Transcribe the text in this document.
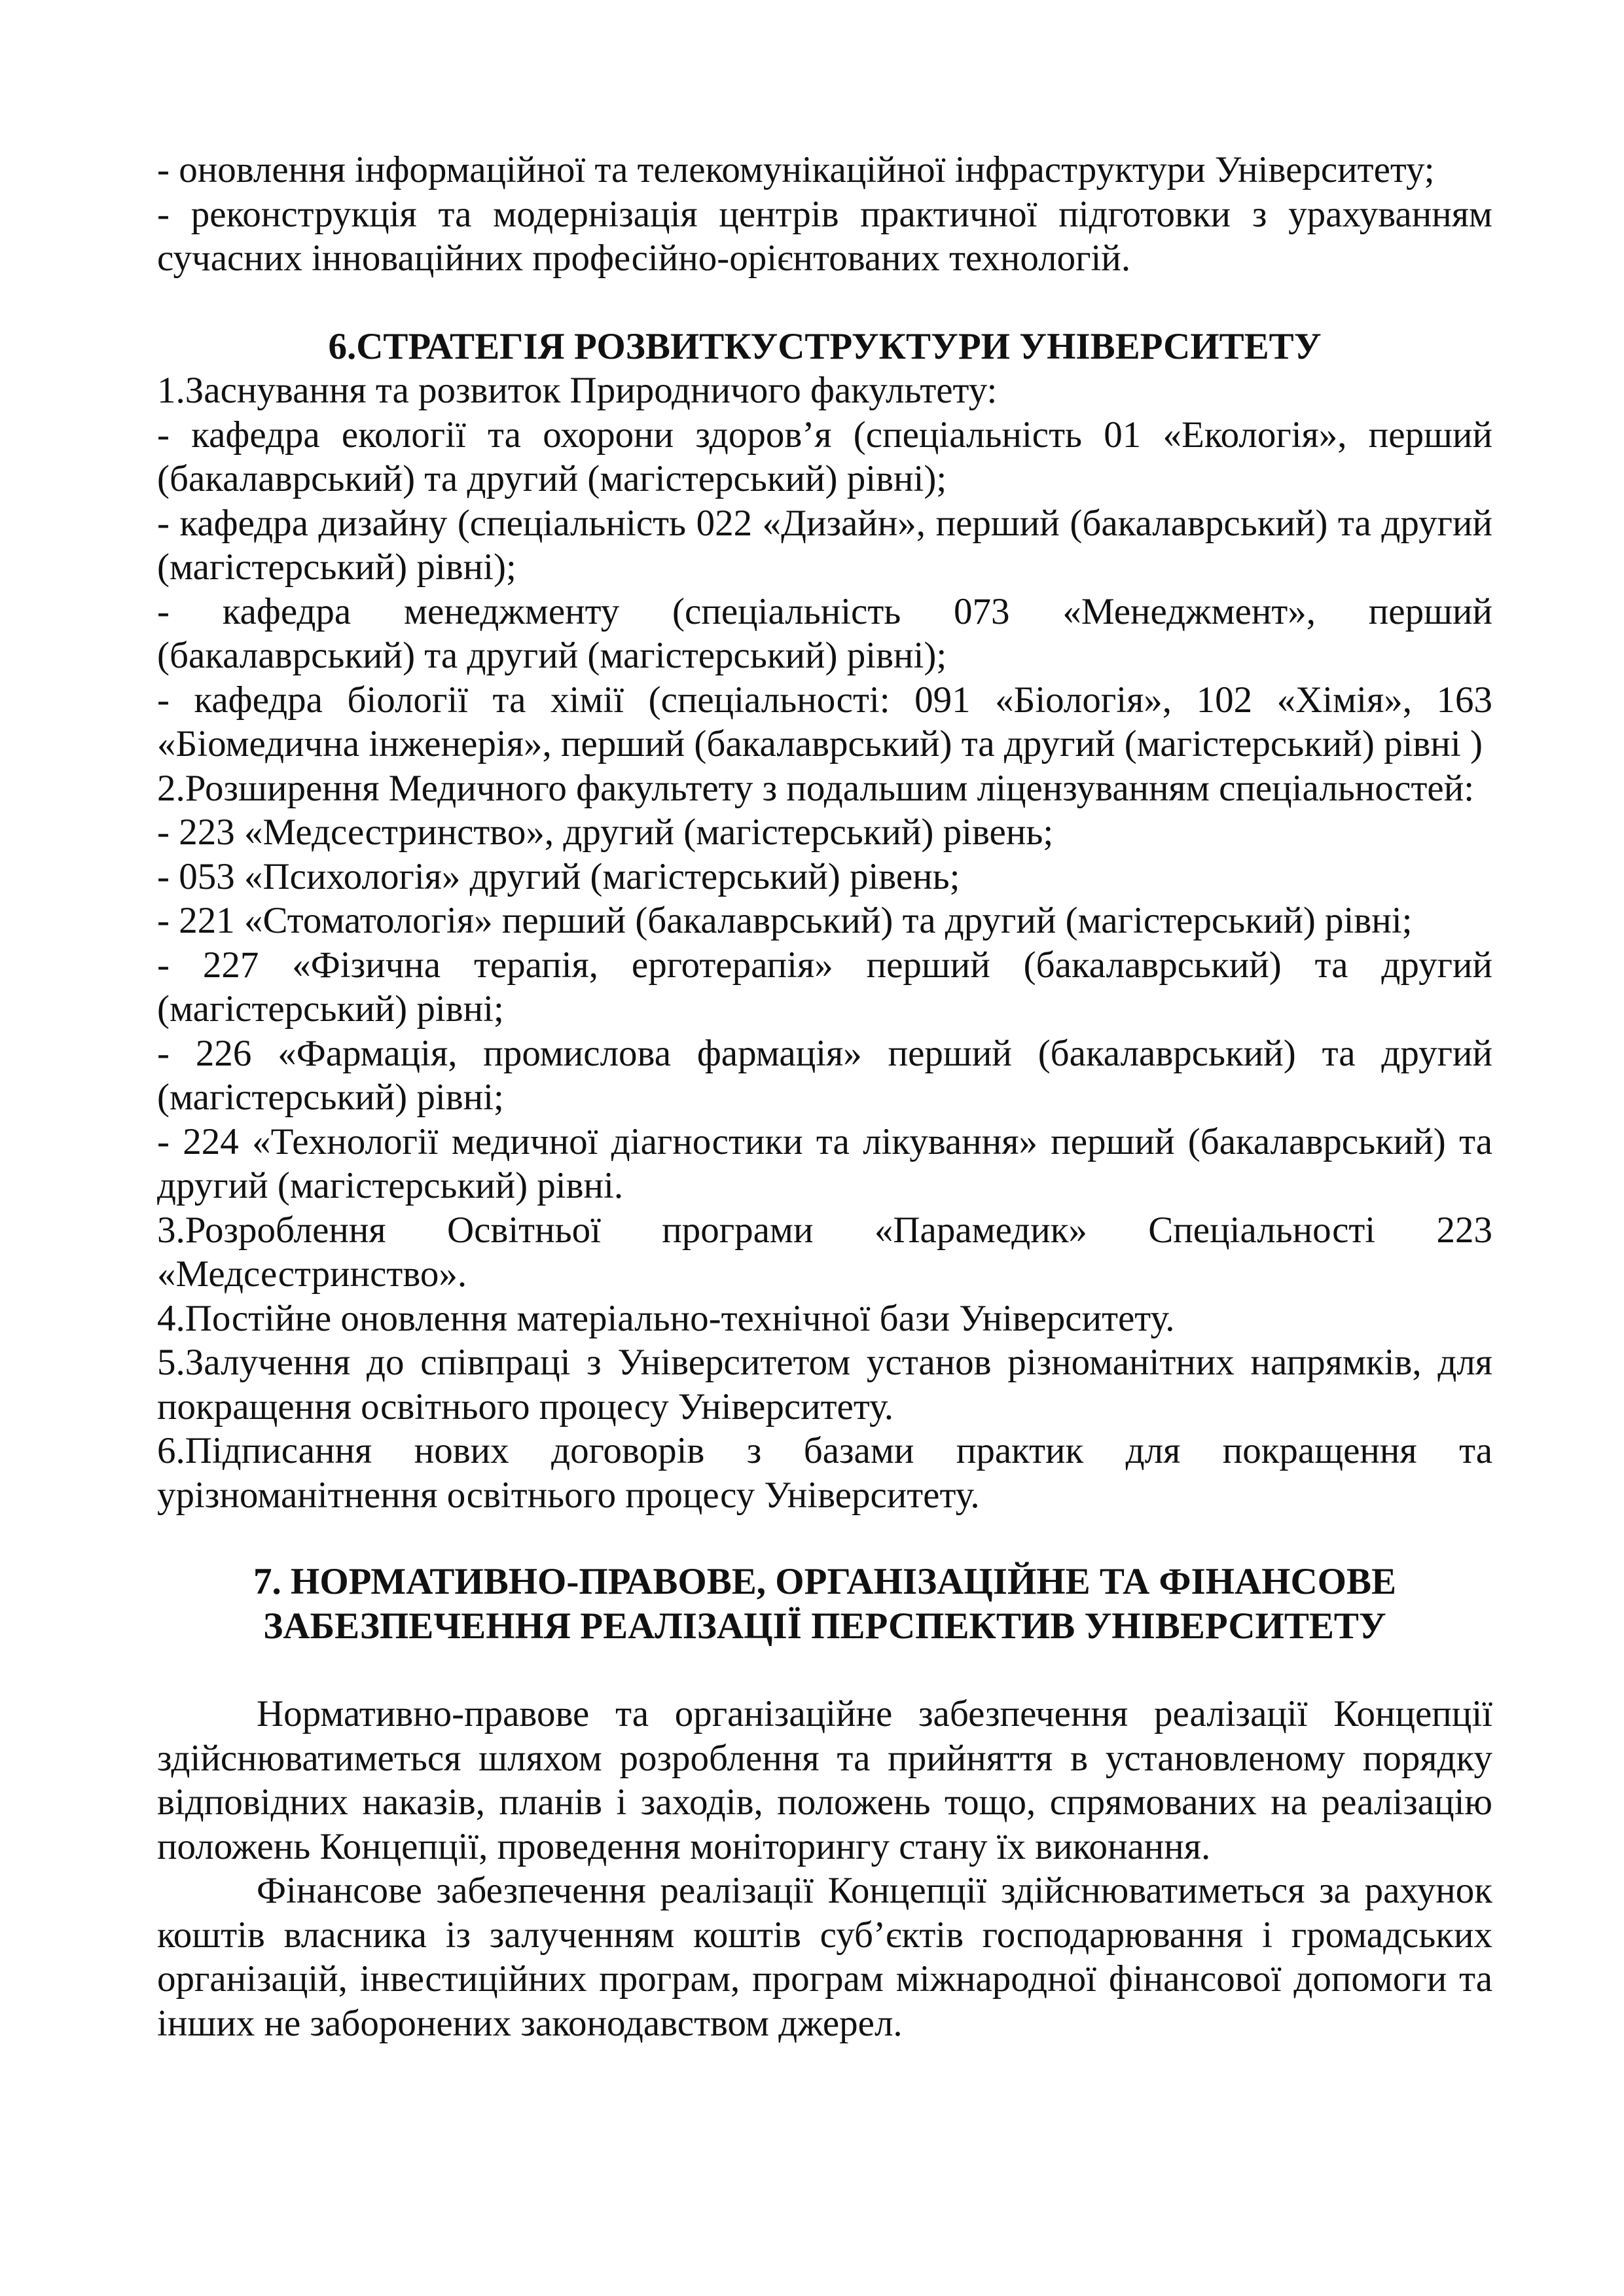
- оновлення інформаційної та телекомунікаційної інфраструктури Університету;

- реконструкція та модернізація центрів практичної підготовки з урахуванням сучасних інноваційних професійно-орієнтованих технологій.

6.СТРАТЕГІЯ РОЗВИТКУСТРУКТУРИ УНІВЕРСИТЕТУ

1.Заснування та розвиток Природничого факультету:

- кафедра екології та охорони здоров’я (спеціальність 01 «Екологія», перший (бакалаврський) та другий (магістерський) рівні);

- кафедра дизайну (спеціальність 022 «Дизайн», перший (бакалаврський) та другий (магістерський) рівні);

- кафедра менеджменту (спеціальність 073 «Менеджмент», перший (бакалаврський) та другий (магістерський) рівні);

- кафедра біології та хімії (спеціальності: 091 «Біологія», 102 «Хімія», 163 «Біомедична інженерія», перший (бакалаврський) та другий (магістерський) рівні )

2.Розширення Медичного факультету з подальшим ліцензуванням спеціальностей:

- 223 «Медсестринство», другий (магістерський) рівень;

- 053 «Психологія» другий (магістерський) рівень;

- 221 «Стоматологія» перший (бакалаврський) та другий (магістерський) рівні;

- 227 «Фізична терапія, ерготерапія» перший (бакалаврський) та другий (магістерський) рівні;

- 226 «Фармація, промислова фармація» перший (бакалаврський) та другий (магістерський) рівні;

- 224 «Технології медичної діагностики та лікування» перший (бакалаврський) та другий (магістерський) рівні.

3.Розроблення Освітньої програми «Парамедик» Спеціальності 223 «Медсестринство».

4.Постійне оновлення матеріально-технічної бази Університету.

5.Залучення до співпраці з Університетом установ різноманітних напрямків, для покращення освітнього процесу Університету.

6.Підписання нових договорів з базами практик для покращення та урізноманітнення освітнього процесу Університету.

7. НОРМАТИВНО-ПРАВОВЕ, ОРГАНІЗАЦІЙНЕ ТА ФІНАНСОВЕ

ЗАБЕЗПЕЧЕННЯ РЕАЛІЗАЦІЇ ПЕРСПЕКТИВ УНІВЕРСИТЕТУ

Нормативно-правове та організаційне забезпечення реалізації Концепції здійснюватиметься шляхом розроблення та прийняття в установленому порядку відповідних наказів, планів і заходів, положень тощо, спрямованих на реалізацію положень Концепції, проведення моніторингу стану їх виконання.

Фінансове забезпечення реалізації Концепції здійснюватиметься за рахунок коштів власника із залученням коштів суб’єктів господарювання і громадських організацій, інвестиційних програм, програм міжнародної фінансової допомоги та інших не заборонених законодавством джерел.
